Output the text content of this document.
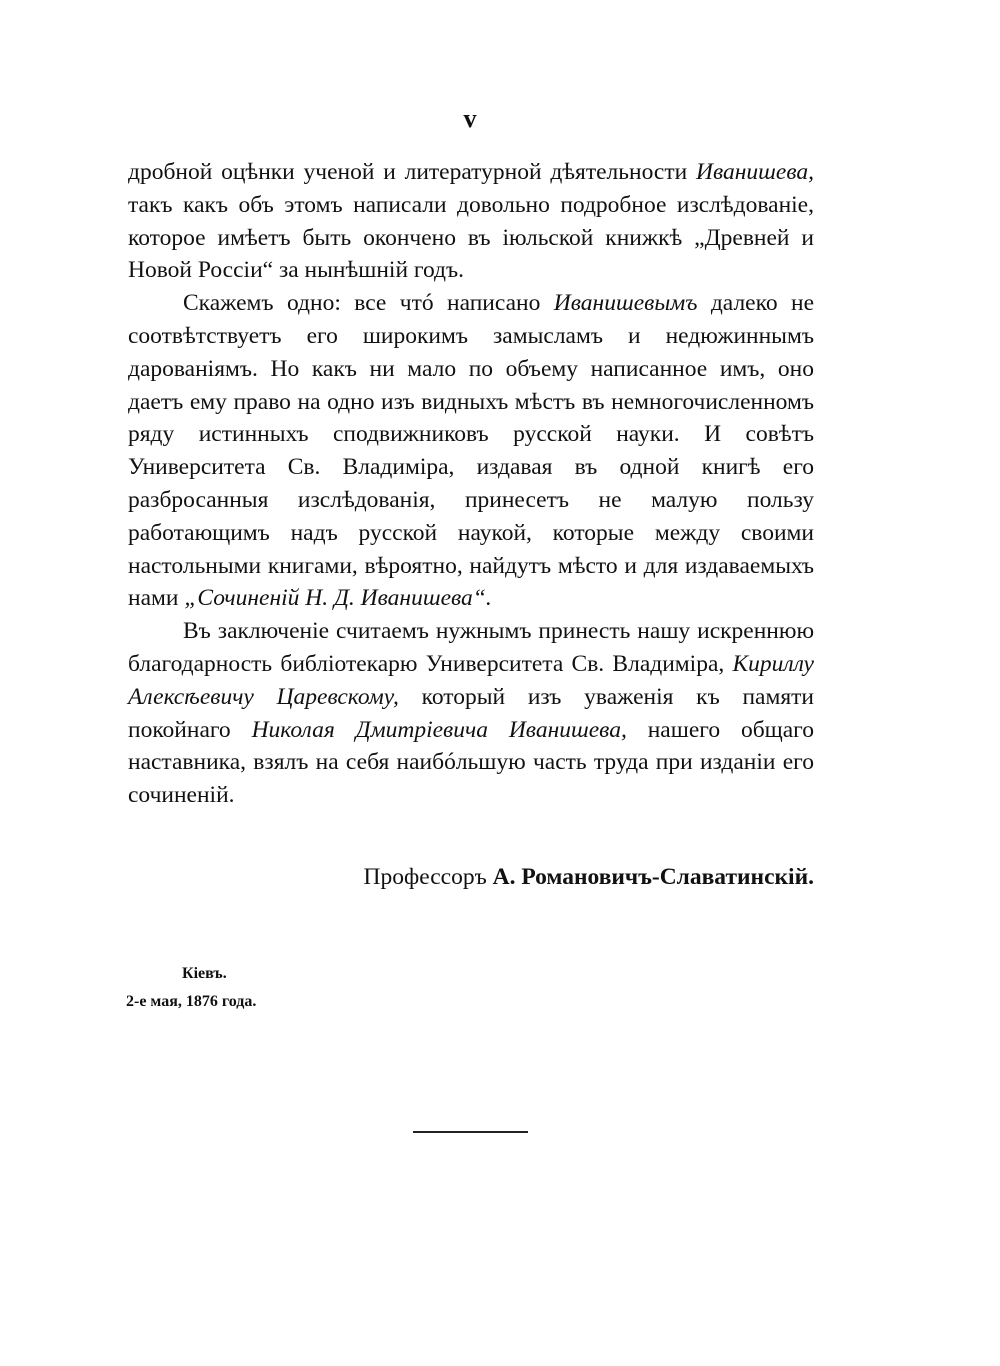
v

дробной оцѣнки ученой и литературной дѣятельности Иванишева, такъ какъ объ этомъ написали довольно подробное изслѣдованіе, которое имѣетъ быть окончено въ іюльской книжкѣ „Древней и Новой Россіи“ за нынѣшній годъ.

Скажемъ одно: все чтó написано Иванишевымъ далеко не соотвѣтствуетъ его широкимъ замысламъ и недюжиннымъ дарованіямъ. Но какъ ни мало по объему написанное имъ, оно даетъ ему право на одно изъ видныхъ мѣстъ въ немногочисленномъ ряду истинныхъ сподвижниковъ русской науки. И совѣтъ Университета Св. Владиміра, издавая въ одной книгѣ его разбросанныя изслѣдованія, принесетъ не малую пользу работающимъ надъ русской наукой, которые между своими настольными книгами, вѣроятно, найдутъ мѣсто и для издаваемыхъ нами „Сочиненій Н. Д. Иванишева“.

Въ заключеніе считаемъ нужнымъ принесть нашу искреннюю благодарность библіотекарю Университета Св. Владиміра, Кириллу Алексѣевичу Царевскому, который изъ уваженія къ памяти покойнаго Николая Дмитріевича Иванишева, нашего общаго наставника, взялъ на себя наибóльшую часть труда при изданіи его сочиненій.

Профессоръ А. Романовичъ-Славатинскій.
Кіевъ.
2-е мая, 1876 года.
